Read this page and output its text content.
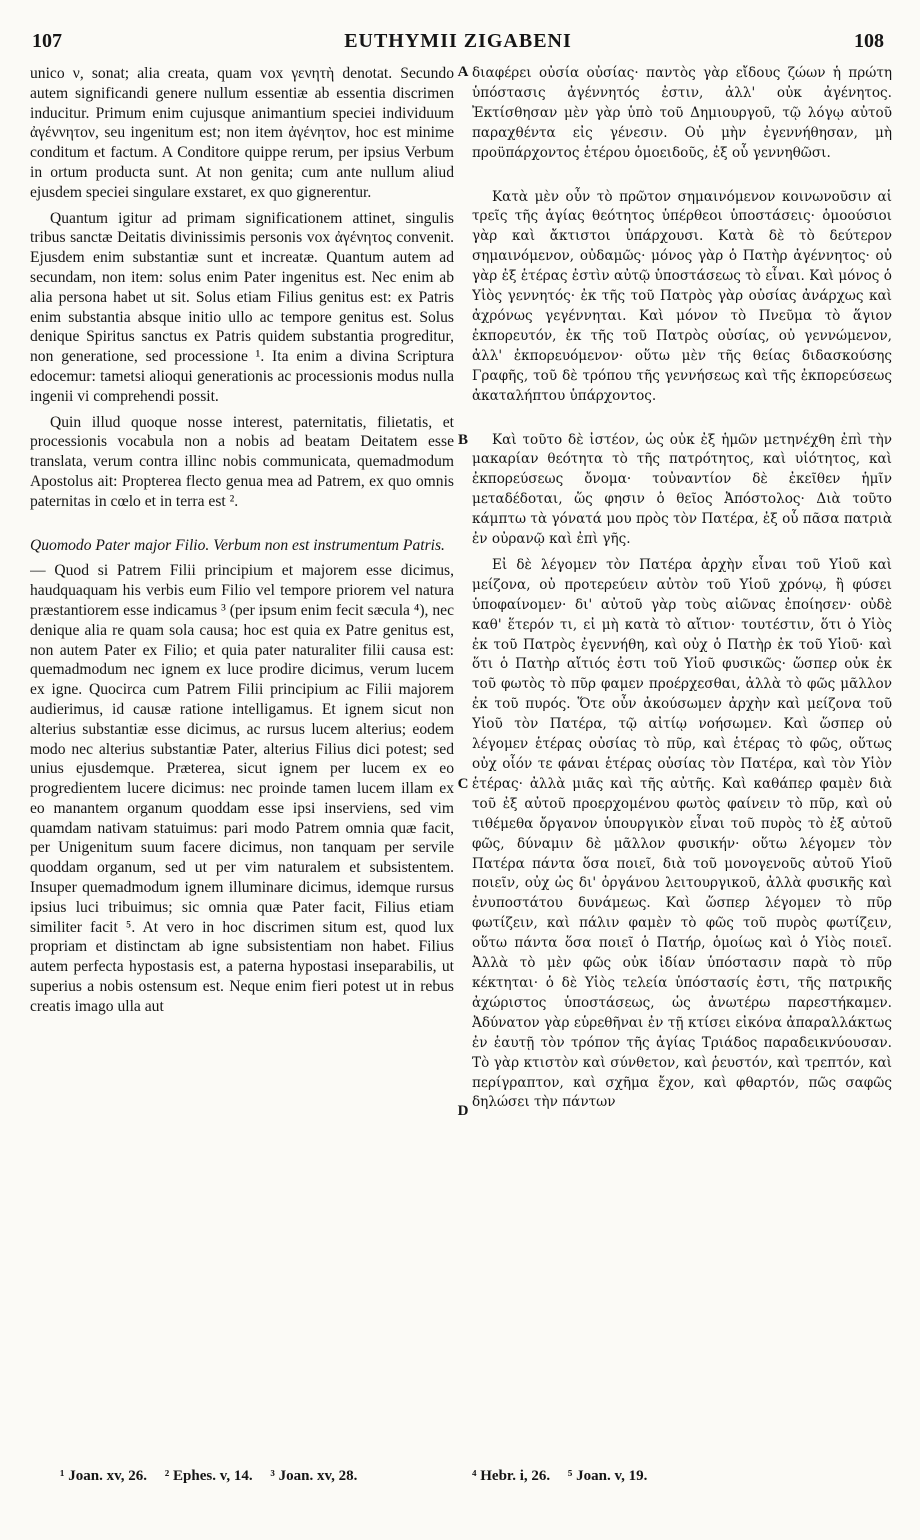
107	EUTHYMII ZIGABENI	108

unico ν, sonat; alia creata, quam vox γενητὴ denotat. Secundo autem significandi genere nullum essentiæ ab essentia discrimen inducitur. Primum enim cujusque animantium speciei individuum ἀγέννητον, seu ingenitum est; non item ἀγένητον, hoc est minime conditum et factum. A Conditore quippe rerum, per ipsius Verbum in ortum producta sunt. At non genita; cum ante nullum aliud ejusdem speciei singulare exstaret, ex quo gignerentur.

Quantum igitur ad primam significationem attinet, singulis tribus sanctæ Deitatis divinissimis personis vox ἀγένητος convenit. Ejusdem enim substantiæ sunt et increatæ. Quantum autem ad secundam, non item: solus enim Pater ingenitus est. Nec enim ab alia persona habet ut sit. Solus etiam Filius genitus est: ex Patris enim substantia absque initio ullo ac tempore genitus est. Solus denique Spiritus sanctus ex Patris quidem substantia progreditur, non generatione, sed processione ¹. Ita enim a divina Scriptura edocemur: tametsi alioqui generationis ac processionis modus nulla ingenii vi comprehendi possit.

Quin illud quoque nosse interest, paternitatis, filietatis, et processionis vocabula non a nobis ad beatam Deitatem esse translata, verum contra illinc nobis communicata, quemadmodum Apostolus ait: Propterea flecto genua mea ad Patrem, ex quo omnis paternitas in cœlo et in terra est ².

Quomodo Pater major Filio. Verbum non est instrumentum Patris.

— Quod si Patrem Filii principium et majorem esse dicimus, haudquaquam his verbis eum Filio vel tempore priorem vel natura præstantiorem esse indicamus ³ (per ipsum enim fecit sæcula ⁴), nec denique alia re quam sola causa; hoc est quia ex Patre genitus est, non autem Pater ex Filio; et quia pater naturaliter filii causa est: quemadmodum nec ignem ex luce prodire dicimus, verum lucem ex igne. Quocirca cum Patrem Filii principium ac Filii majorem audierimus, id causæ ratione intelligamus. Et ignem sicut non alterius substantiæ esse dicimus, ac rursus lucem alterius; eodem modo nec alterius substantiæ Pater, alterius Filius dici potest; sed unius ejusdemque. Præterea, sicut ignem per lucem ex eo progredientem lucere dicimus: nec proinde tamen lucem illam ex eo manantem organum quoddam esse ipsi inserviens, sed vim quamdam nativam statuimus: pari modo Patrem omnia quæ facit, per Unigenitum suum facere dicimus, non tanquam per servile quoddam organum, sed ut per vim naturalem et subsistentem. Insuper quemadmodum ignem illuminare dicimus, idemque rursus ipsius luci tribuimus; sic omnia quæ Pater facit, Filius etiam similiter facit ⁵. At vero in hoc discrimen situm est, quod lux propriam et distinctam ab igne subsistentiam non habet. Filius autem perfecta hypostasis est, a paterna hypostasi inseparabilis, ut superius a nobis ostensum est. Neque enim fieri potest ut in rebus creatis imago ulla aut

A
B
C
D

διαφέρει οὐσία οὐσίας· παντὸς γὰρ εἴδους ζώων ἡ πρώτη ὑπόστασις ἀγέννητός ἐστιν, ἀλλ' οὐκ ἀγένητος. Ἐκτίσθησαν μὲν γὰρ ὑπὸ τοῦ Δημιουργοῦ, τῷ λόγῳ αὐτοῦ παραχθέντα εἰς γένεσιν. Οὐ μὴν ἐγεννήθησαν, μὴ προϋπάρχοντος ἑτέρου ὁμοειδοῦς, ἐξ οὗ γεννηθῶσι.

Κατὰ μὲν οὖν τὸ πρῶτον σημαινόμενον κοινωνοῦσιν αἱ τρεῖς τῆς ἁγίας θεότητος ὑπέρθεοι ὑποστάσεις· ὁμοούσιοι γὰρ καὶ ἄκτιστοι ὑπάρχουσι. Κατὰ δὲ τὸ δεύτερον σημαινόμενον, οὐδαμῶς· μόνος γὰρ ὁ Πατὴρ ἀγέννητος· οὐ γὰρ ἐξ ἑτέρας ἐστὶν αὐτῷ ὑποστάσεως τὸ εἶναι. Καὶ μόνος ὁ Υἱὸς γεννητός· ἐκ τῆς τοῦ Πατρὸς γὰρ οὐσίας ἀνάρχως καὶ ἀχρόνως γεγέννηται. Καὶ μόνον τὸ Πνεῦμα τὸ ἅγιον ἐκπορευτόν, ἐκ τῆς τοῦ Πατρὸς οὐσίας, οὐ γεννώμενον, ἀλλ' ἐκπορευόμενον· οὕτω μὲν τῆς θείας διδασκούσης Γραφῆς, τοῦ δὲ τρόπου τῆς γεννήσεως καὶ τῆς ἐκπορεύσεως ἀκαταλήπτου ὑπάρχοντος.

Καὶ τοῦτο δὲ ἰστέον, ὡς οὐκ ἐξ ἡμῶν μετηνέχθη ἐπὶ τὴν μακαρίαν θεότητα τὸ τῆς πατρότητος, καὶ υἱότητος, καὶ ἐκπορεύσεως ὄνομα· τοὐναντίον δὲ ἐκεῖθεν ἡμῖν μεταδέδοται, ὥς φησιν ὁ θεῖος Ἀπόστολος· Διὰ τοῦτο κάμπτω τὰ γόνατά μου πρὸς τὸν Πατέρα, ἐξ οὗ πᾶσα πατριὰ ἐν οὐρανῷ καὶ ἐπὶ γῆς.

Εἰ δὲ λέγομεν τὸν Πατέρα ἀρχὴν εἶναι τοῦ Υἱοῦ καὶ μείζονα, οὐ προτερεύειν αὐτὸν τοῦ Υἱοῦ χρόνῳ, ἢ φύσει ὑποφαίνομεν· δι' αὐτοῦ γὰρ τοὺς αἰῶνας ἐποίησεν· οὐδὲ καθ' ἕτερόν τι, εἰ μὴ κατὰ τὸ αἴτιον· τουτέστιν, ὅτι ὁ Υἱὸς ἐκ τοῦ Πατρὸς ἐγεννήθη, καὶ οὐχ ὁ Πατὴρ ἐκ τοῦ Υἱοῦ· καὶ ὅτι ὁ Πατὴρ αἴτιός ἐστι τοῦ Υἱοῦ φυσικῶς· ὥσπερ οὐκ ἐκ τοῦ φωτὸς τὸ πῦρ φαμεν προέρχεσθαι, ἀλλὰ τὸ φῶς μᾶλλον ἐκ τοῦ πυρός. Ὅτε οὖν ἀκούσωμεν ἀρχὴν καὶ μείζονα τοῦ Υἱοῦ τὸν Πατέρα, τῷ αἰτίῳ νοήσωμεν. Καὶ ὥσπερ οὐ λέγομεν ἑτέρας οὐσίας τὸ πῦρ, καὶ ἑτέρας τὸ φῶς, οὕτως οὐχ οἷόν τε φάναι ἑτέρας οὐσίας τὸν Πατέρα, καὶ τὸν Υἱὸν ἑτέρας· ἀλλὰ μιᾶς καὶ τῆς αὐτῆς. Καὶ καθάπερ φαμὲν διὰ τοῦ ἐξ αὐτοῦ προερχομένου φωτὸς φαίνειν τὸ πῦρ, καὶ οὐ τιθέμεθα ὄργανον ὑπουργικὸν εἶναι τοῦ πυρὸς τὸ ἐξ αὐτοῦ φῶς, δύναμιν δὲ μᾶλλον φυσικήν· οὕτω λέγομεν τὸν Πατέρα πάντα ὅσα ποιεῖ, διὰ τοῦ μονογενοῦς αὐτοῦ Υἱοῦ ποιεῖν, οὐχ ὡς δι' ὀργάνου λειτουργικοῦ, ἀλλὰ φυσικῆς καὶ ἐνυποστάτου δυνάμεως. Καὶ ὥσπερ λέγομεν τὸ πῦρ φωτίζειν, καὶ πάλιν φαμὲν τὸ φῶς τοῦ πυρὸς φωτίζειν, οὕτω πάντα ὅσα ποιεῖ ὁ Πατήρ, ὁμοίως καὶ ὁ Υἱὸς ποιεῖ. Ἀλλὰ τὸ μὲν φῶς οὐκ ἰδίαν ὑπόστασιν παρὰ τὸ πῦρ κέκτηται· ὁ δὲ Υἱὸς τελεία ὑπόστασίς ἐστι, τῆς πατρικῆς ἀχώριστος ὑποστάσεως, ὡς ἀνωτέρω παρεστήκαμεν. Ἀδύνατον γὰρ εὑρεθῆναι ἐν τῇ κτίσει εἰκόνα ἀπαραλλάκτως ἐν ἑαυτῇ τὸν τρόπον τῆς ἁγίας Τριάδος παραδεικνύουσαν. Τὸ γὰρ κτιστὸν καὶ σύνθετον, καὶ ῥευστόν, καὶ τρεπτόν, καὶ περίγραπτον, καὶ σχῆμα ἔχον, καὶ φθαρτόν, πῶς σαφῶς δηλώσει τὴν πάντων

¹ Joan. xv, 26. ² Ephes. v, 14. ³ Joan. xv, 28.	⁴ Hebr. i, 26. ⁵ Joan. v, 19.
